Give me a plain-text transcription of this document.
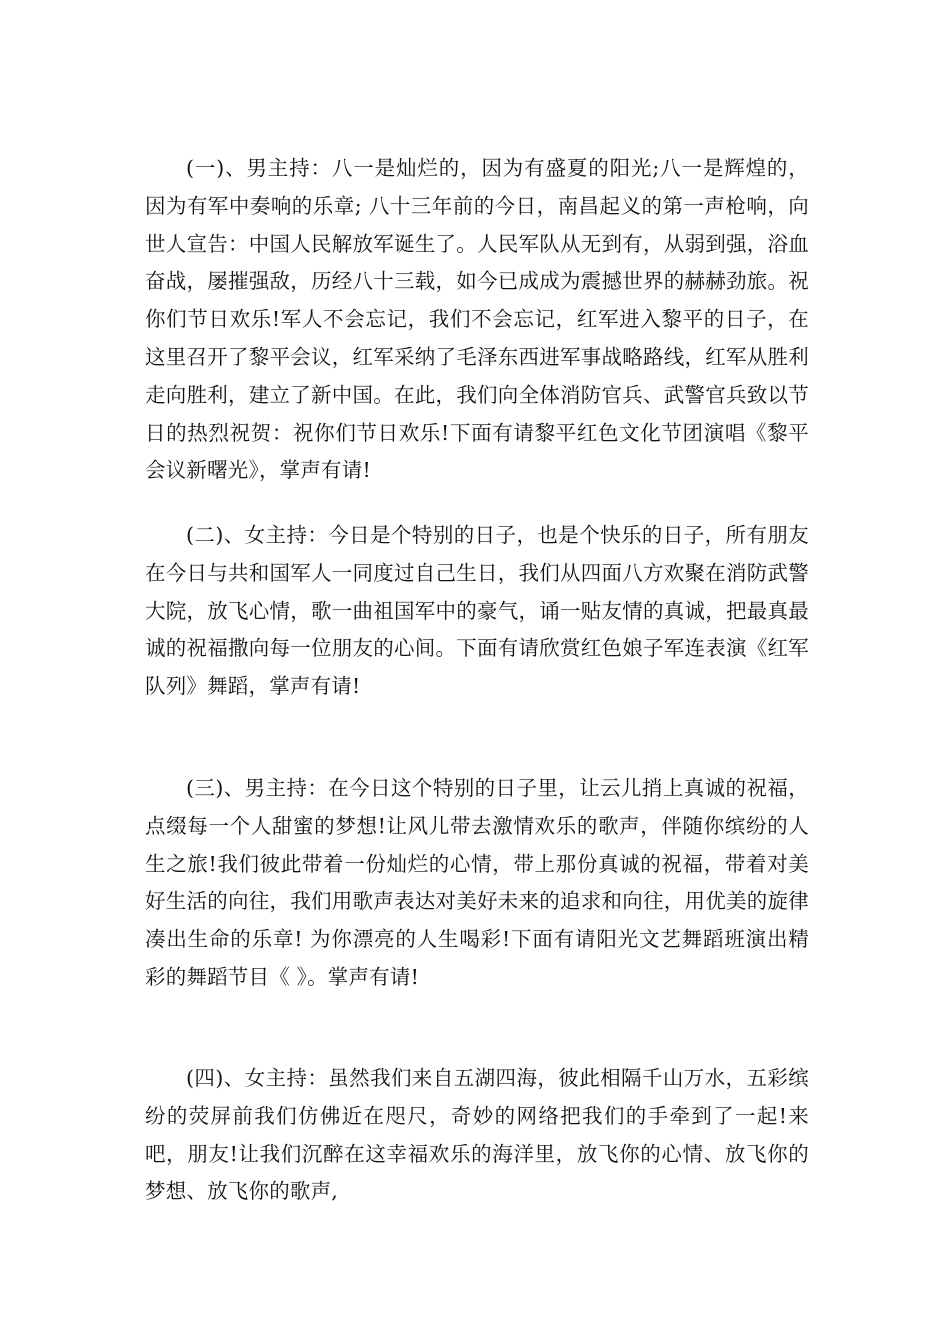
(一)、男主持：八一是灿烂的，因为有盛夏的阳光;八一是辉煌的，因为有军中奏响的乐章; 八十三年前的今日，南昌起义的第一声枪响，向世人宣告：中国人民解放军诞生了。人民军队从无到有，从弱到强，浴血奋战，屡摧强敌，历经八十三载，如今已成成为震撼世界的赫赫劲旅。祝你们节日欢乐!军人不会忘记，我们不会忘记，红军进入黎平的日子，在这里召开了黎平会议，红军采纳了毛泽东西进军事战略路线，红军从胜利走向胜利，建立了新中国。在此，我们向全体消防官兵、武警官兵致以节日的热烈祝贺：祝你们节日欢乐!下面有请黎平红色文化节团演唱《黎平会议新曙光》，掌声有请!

(二)、女主持：今日是个特别的日子，也是个快乐的日子，所有朋友在今日与共和国军人一同度过自己生日，我们从四面八方欢聚在消防武警大院，放飞心情，歌一曲祖国军中的豪气，诵一贴友情的真诚，把最真最诚的祝福撒向每一位朋友的心间。下面有请欣赏红色娘子军连表演《红军队列》舞蹈，掌声有请!

(三)、男主持：在今日这个特别的日子里，让云儿捎上真诚的祝福，点缀每一个人甜蜜的梦想!让风儿带去激情欢乐的歌声，伴随你缤纷的人生之旅!我们彼此带着一份灿烂的心情，带上那份真诚的祝福，带着对美好生活的向往，我们用歌声表达对美好未来的追求和向往，用优美的旋律凑出生命的乐章! 为你漂亮的人生喝彩!下面有请阳光文艺舞蹈班演出精彩的舞蹈节目《 》。掌声有请!

(四)、女主持：虽然我们来自五湖四海，彼此相隔千山万水，五彩缤纷的荧屏前我们仿佛近在咫尺，奇妙的网络把我们的手牵到了一起!来吧，朋友!让我们沉醉在这幸福欢乐的海洋里，放飞你的心情、放飞你的梦想、放飞你的歌声,
